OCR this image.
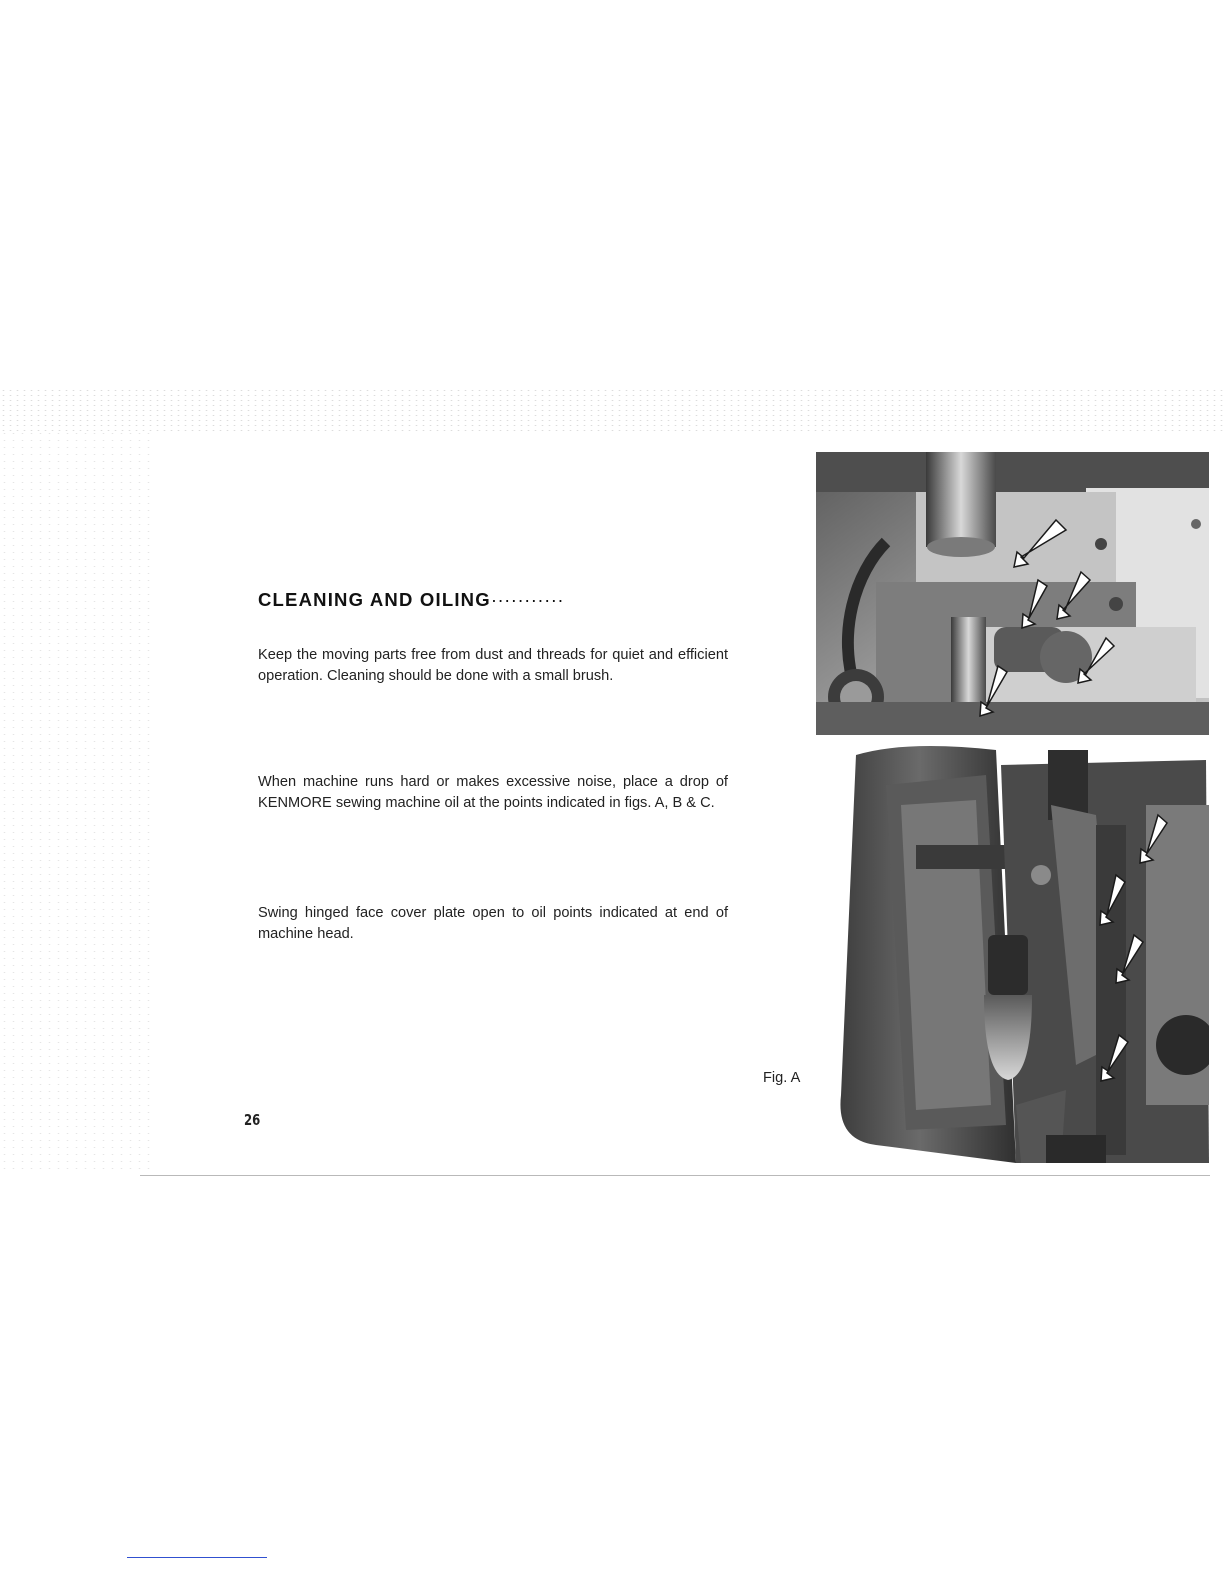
CLEANING AND OILING···········

Keep the moving parts free from dust and threads for quiet and efficient operation. Cleaning should be done with a small brush.

When machine runs hard or makes excessive noise, place a drop of KENMORE sewing machine oil at the points indicated in figs. A, B & C.

Swing hinged face cover plate open to oil points indicated at end of machine head.

Fig. A
26
